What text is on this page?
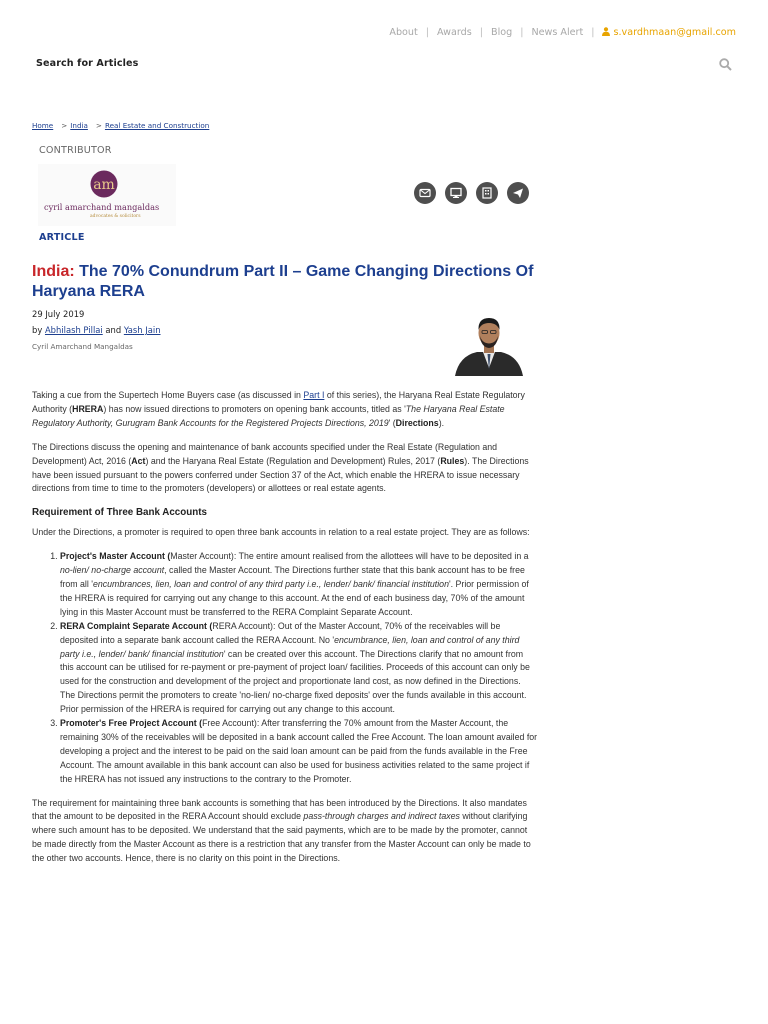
About | Awards | Blog | News Alert | s.vardhmaan@gmail.com
Search for Articles
Home > India > Real Estate and Construction
CONTRIBUTOR
am
cyril amarchand mangaldas
advocates & solicitors
ARTICLE
India: The 70% Conundrum Part II – Game Changing Directions Of Haryana RERA
29 July 2019
by Abhilash Pillai and Yash Jain
Cyril Amarchand Mangaldas

Taking a cue from the Supertech Home Buyers case (as discussed in Part I of this series), the Haryana Real Estate Regulatory Authority (HRERA) has now issued directions to promoters on opening bank accounts, titled as 'The Haryana Real Estate Regulatory Authority, Gurugram Bank Accounts for the Registered Projects Directions, 2019' (Directions).

The Directions discuss the opening and maintenance of bank accounts specified under the Real Estate (Regulation and Development) Act, 2016 (Act) and the Haryana Real Estate (Regulation and Development) Rules, 2017 (Rules). The Directions have been issued pursuant to the powers conferred under Section 37 of the Act, which enable the HRERA to issue necessary directions from time to time to the promoters (developers) or allottees or real estate agents.

Requirement of Three Bank Accounts

Under the Directions, a promoter is required to open three bank accounts in relation to a real estate project. They are as follows:

1. Project's Master Account (Master Account): The entire amount realised from the allottees will have to be deposited in a no-lien/ no-charge account, called the Master Account. The Directions further state that this bank account has to be free from all 'encumbrances, lien, loan and control of any third party i.e., lender/ bank/ financial institution'. Prior permission of the HRERA is required for carrying out any change to this account. At the end of each business day, 70% of the amount lying in this Master Account must be transferred to the RERA Complaint Separate Account.
2. RERA Complaint Separate Account (RERA Account): Out of the Master Account, 70% of the receivables will be deposited into a separate bank account called the RERA Account. No 'encumbrance, lien, loan and control of any third party i.e., lender/ bank/ financial institution' can be created over this account. The Directions clarify that no amount from this account can be utilised for re-payment or pre-payment of project loan/ facilities. Proceeds of this account can only be used for the construction and development of the project and proportionate land cost, as now defined in the Directions. The Directions permit the promoters to create 'no-lien/ no-charge fixed deposits' over the funds available in this account. Prior permission of the HRERA is required for carrying out any change to this account.
3. Promoter's Free Project Account (Free Account): After transferring the 70% amount from the Master Account, the remaining 30% of the receivables will be deposited in a bank account called the Free Account. The loan amount availed for developing a project and the interest to be paid on the said loan amount can be paid from the funds available in the Free Account. The amount available in this bank account can also be used for business activities related to the same project if the HRERA has not issued any instructions to the contrary to the Promoter.

The requirement for maintaining three bank accounts is something that has been introduced by the Directions. It also mandates that the amount to be deposited in the RERA Account should exclude pass-through charges and indirect taxes without clarifying where such amount has to be deposited. We understand that the said payments, which are to be made by the promoter, cannot be made directly from the Master Account as there is a restriction that any transfer from the Master Account can only be made to the other two accounts. Hence, there is no clarity on this point in the Directions.
